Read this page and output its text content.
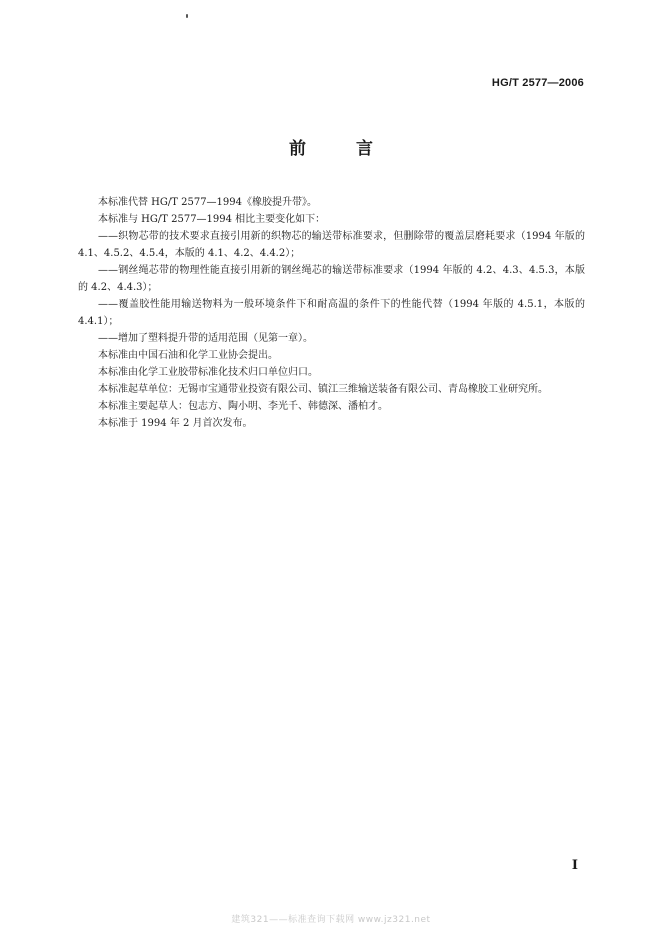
HG/T 2577—2006
前 言

本标准代替 HG/T 2577—1994《橡胶提升带》。

本标准与 HG/T 2577—1994 相比主要变化如下：

——织物芯带的技术要求直接引用新的织物芯的输送带标准要求，但删除带的覆盖层磨耗要求（1994 年版的 4.1、4.5.2、4.5.4，本版的 4.1、4.2、4.4.2）；

——钢丝绳芯带的物理性能直接引用新的钢丝绳芯的输送带标准要求（1994 年版的 4.2、4.3、4.5.3，本版的 4.2、4.4.3）；

——覆盖胶性能用输送物料为一般环境条件下和耐高温的条件下的性能代替（1994 年版的 4.5.1，本版的 4.4.1）；

——增加了塑料提升带的适用范围（见第一章）。

本标准由中国石油和化学工业协会提出。

本标准由化学工业胶带标准化技术归口单位归口。

本标准起草单位：无锡市宝通带业投资有限公司、镇江三维输送装备有限公司、青岛橡胶工业研究所。

本标准主要起草人：包志方、陶小明、李光千、韩德深、潘柏才。

本标准于 1994 年 2 月首次发布。

I
建筑321——标准查询下载网 www.jz321.net
